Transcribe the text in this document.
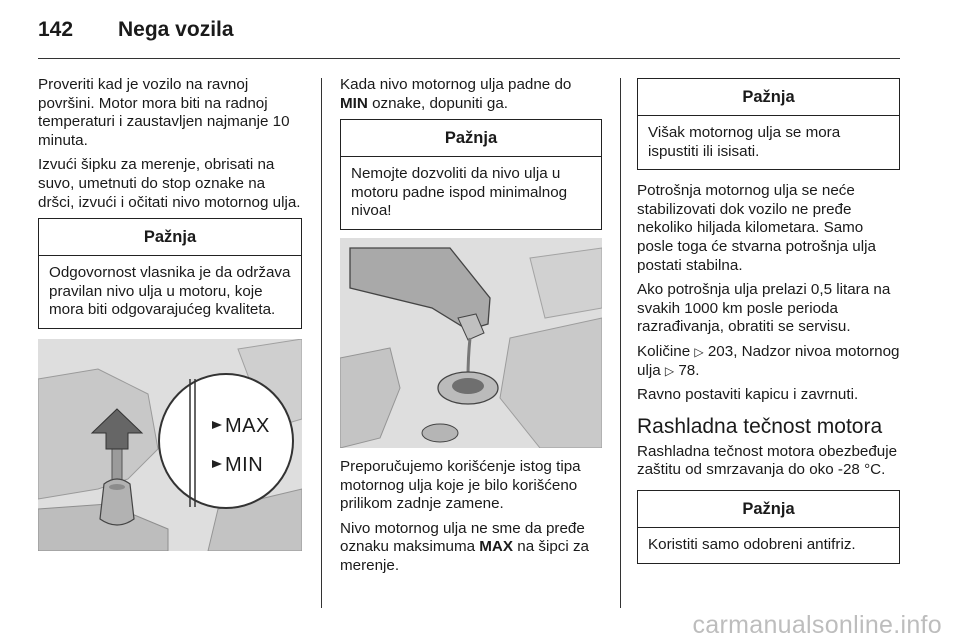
142 Nega vozila

Proveriti kad je vozilo na ravnoj površini. Motor mora biti na radnoj temperaturi i zaustavljen najmanje 10 minuta.

Izvući šipku za merenje, obrisati na suvo, umetnuti do stop oznake na dršci, izvući i očitati nivo motornog ulja.

Pažnja
Odgovornost vlasnika je da održava pravilan nivo ulja u motoru, koje mora biti odgovarajućeg kvaliteta.
MAX
MIN

Kada nivo motornog ulja padne do MIN oznake, dopuniti ga.

Pažnja
Nemojte dozvoliti da nivo ulja u motoru padne ispod minimalnog nivoa!

Preporučujemo korišćenje istog tipa motornog ulja koje je bilo korišćeno prilikom zadnje zamene.

Nivo motornog ulja ne sme da pređe oznaku maksimuma MAX na šipci za merenje.

Pažnja
Višak motornog ulja se mora ispustiti ili isisati.

Potrošnja motornog ulja se neće stabilizovati dok vozilo ne pređe nekoliko hiljada kilometara. Samo posle toga će stvarna potrošnja ulja postati stabilna.

Ako potrošnja ulja prelazi 0,5 litara na svakih 1000 km posle perioda razrađivanja, obratiti se servisu.

Količine ▷ 203, Nadzor nivoa motornog ulja ▷ 78.

Ravno postaviti kapicu i zavrnuti.

Rashladna tečnost motora

Rashladna tečnost motora obezbeđuje zaštitu od smrzavanja do oko -28 °C.

Pažnja
Koristiti samo odobreni antifriz.
carmanualsonline.info
